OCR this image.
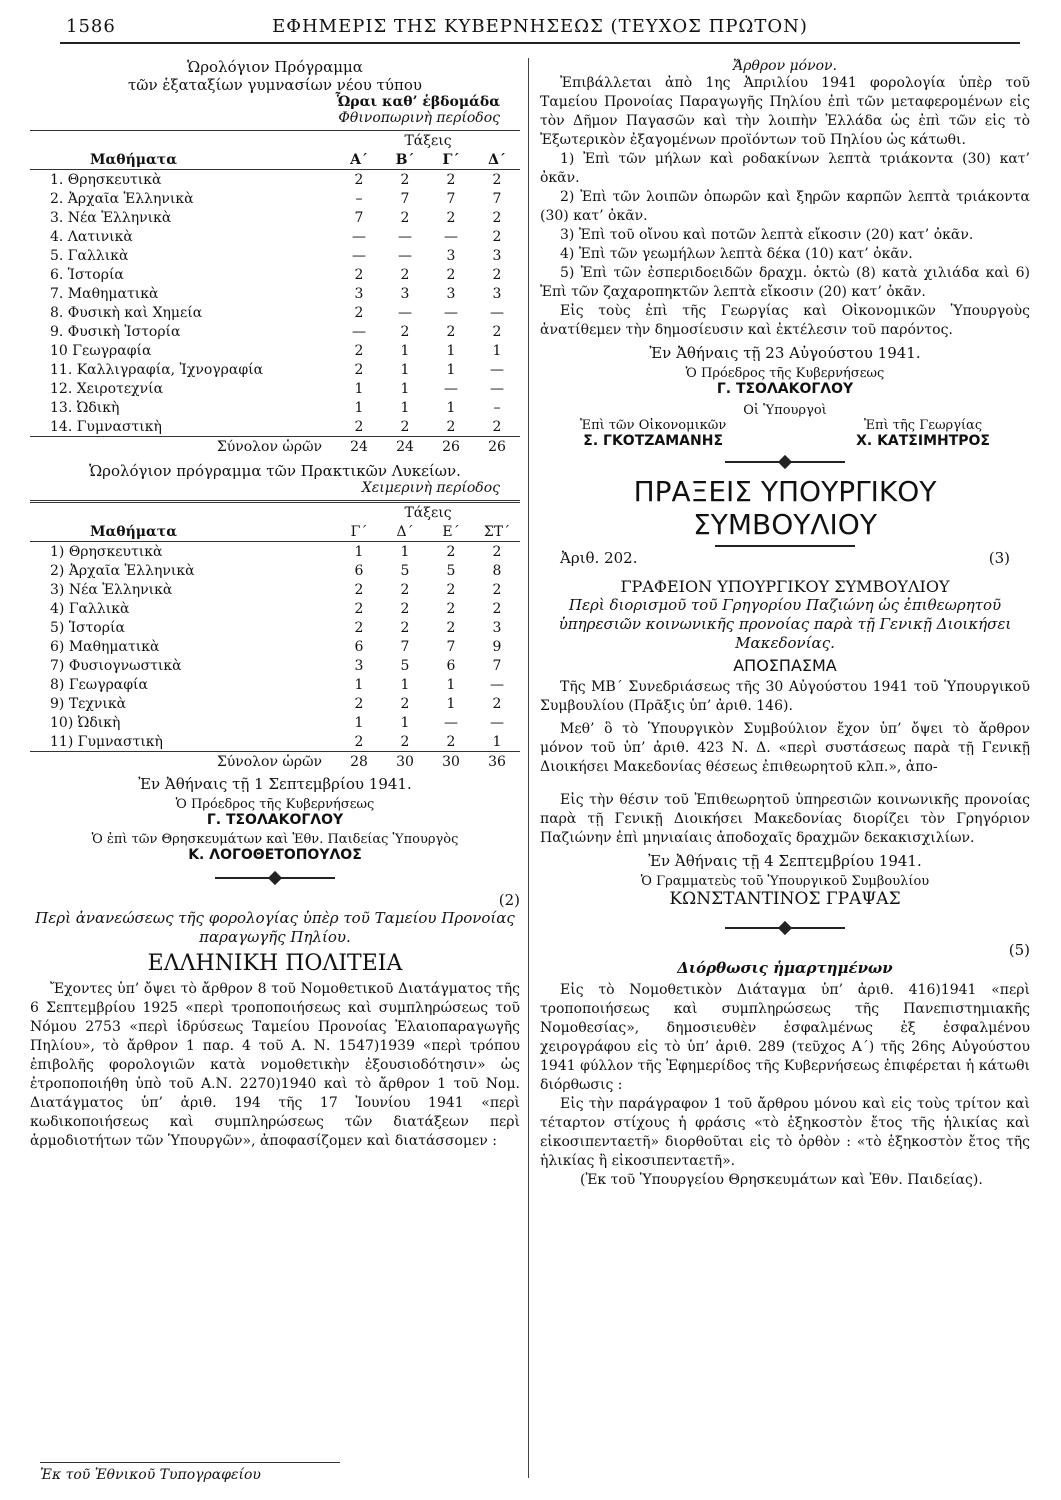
1586	ΕΦΗΜΕΡΙΣ ΤΗΣ ΚΥΒΕΡΝΗΣΕΩΣ (ΤΕΥΧΟΣ ΠΡΩΤΟΝ)
Ὡρολόγιον Πρόγραμμα
τῶν ἑξαταξίων γυμνασίων νέου τύπου
Ὧραι καθ’ ἑβδομάδα
Φθινοπωρινὴ περίοδος
	Τάξεις			
Μαθήματα	Α΄	Β΄	Γ΄	Δ΄
1. Θρησκευτικὰ	2	2	2	2
2. Ἀρχαῖα Ἑλληνικὰ	–	7	7	7
3. Νέα Ἑλληνικὰ	7	2	2	2
4. Λατινικὰ	—	—	—	2
5. Γαλλικὰ	—	—	3	3
6. Ἱστορία	2	2	2	2
7. Μαθηματικὰ	3	3	3	3
8. Φυσικὴ καὶ Χημεία	2	—	—	—
9. Φυσικὴ Ἱστορία	—	2	2	2
10 Γεωγραφία	2	1	1	1
11. Καλλιγραφία, Ἰχνογραφία	2	1	1	—
12. Χειροτεχνία	1	1	—	—
13. Ὠδικὴ	1	1	1	–
14. Γυμναστικὴ	2	2	2	2
Σύνολον ὡρῶν	24	24	26	26
Ὡρολόγιον πρόγραμμα τῶν Πρακτικῶν Λυκείων.
Χειμερινὴ περίοδος
	Τάξεις			
Μαθήματα	Γ΄	Δ΄	Ε΄	ΣΤ΄
1) Θρησκευτικὰ	1	1	2	2
2) Ἀρχαῖα Ἑλληνικὰ	6	5	5	8
3) Νέα Ἑλληνικὰ	2	2	2	2
4) Γαλλικὰ	2	2	2	2
5) Ἱστορία	2	2	2	3
6) Μαθηματικὰ	6	7	7	9
7) Φυσιογνωστικὰ	3	5	6	7
8) Γεωγραφία	1	1	1	—
9) Τεχνικὰ	2	2	1	2
10) Ὠδικὴ	1	1	—	—
11) Γυμναστικὴ	2	2	2	1
Σύνολον ὡρῶν	28	30	30	36
Ἐν Ἀθήναις τῇ 1 Σεπτεμβρίου 1941.
Ὁ Πρόεδρος τῆς Κυβερνήσεως
Γ. ΤΣΟΛΑΚΟΓΛΟΥ
Ὁ ἐπὶ τῶν Θρησκευμάτων καὶ Ἐθν. Παιδείας Ὑπουργὸς
Κ. ΛΟΓΟΘΕΤΟΠΟΥΛΟΣ
(2)
Περὶ ἀνανεώσεως τῆς φορολογίας ὑπὲρ τοῦ Ταμείου Προνοίας παραγωγῆς Πηλίου.
ΕΛΛΗΝΙΚΗ ΠΟΛΙΤΕΙΑ
Ἔχοντες ὑπ’ ὄψει τὸ ἄρθρον 8 τοῦ Νομοθετικοῦ Διατάγματος τῆς 6 Σεπτεμβρίου 1925 «περὶ τροποποιήσεως καὶ συμπληρώσεως τοῦ Νόμου 2753 «περὶ ἱδρύσεως Ταμείου Προνοίας Ἐλαιοπαραγωγῆς Πηλίου», τὸ ἄρθρον 1 παρ. 4 τοῦ Α. Ν. 1547)1939 «περὶ τρόπου ἐπιβολῆς φορολογιῶν κατὰ νομοθετικὴν ἐξουσιοδότησιν» ὡς ἐτροποποιήθη ὑπὸ τοῦ Α.Ν. 2270)1940 καὶ τὸ ἄρθρον 1 τοῦ Νομ. Διατάγματος ὑπ’ ἀριθ. 194 τῆς 17 Ἰουνίου 1941 «περὶ κωδικοποιήσεως καὶ συμπληρώσεως τῶν διατάξεων περὶ ἁρμοδιοτήτων τῶν Ὑπουργῶν», ἀποφασίζομεν καὶ διατάσσομεν :
Ἐκ τοῦ Ἐθνικοῦ Τυπογραφείου
Ἄρθρον μόνον.
Ἐπιβάλλεται ἀπὸ 1ης Ἀπριλίου 1941 φορολογία ὑπὲρ τοῦ Ταμείου Προνοίας Παραγωγῆς Πηλίου ἐπὶ τῶν μεταφερομένων εἰς τὸν Δῆμον Παγασῶν καὶ τὴν λοιπὴν Ἑλλάδα ὡς ἐπὶ τῶν εἰς τὸ Ἐξωτερικὸν ἐξαγομένων προϊόντων τοῦ Πηλίου ὡς κάτωθι.
1) Ἐπὶ τῶν μήλων καὶ ροδακίνων λεπτὰ τριάκοντα (30) κατ’ ὀκᾶν.
2) Ἐπὶ τῶν λοιπῶν ὀπωρῶν καὶ ξηρῶν καρπῶν λεπτὰ τριάκοντα (30) κατ’ ὀκᾶν.
3) Ἐπὶ τοῦ οἴνου καὶ ποτῶν λεπτὰ εἴκοσιν (20) κατ’ ὀκᾶν.
4) Ἐπὶ τῶν γεωμήλων λεπτὰ δέκα (10) κατ’ ὀκᾶν.
5) Ἐπὶ τῶν ἐσπεριδοειδῶν δραχμ. ὀκτὼ (8) κατὰ χιλιάδα καὶ 6) Ἐπὶ τῶν ζαχαροπηκτῶν λεπτὰ εἴκοσιν (20) κατ’ ὀκᾶν.
Εἰς τοὺς ἐπὶ τῆς Γεωργίας καὶ Οἰκονομικῶν Ὑπουργοὺς ἀνατίθεμεν τὴν δημοσίευσιν καὶ ἐκτέλεσιν τοῦ παρόντος.
Ἐν Ἀθήναις τῇ 23 Αὐγούστου 1941.
Ὁ Πρόεδρος τῆς Κυβερνήσεως
Γ. ΤΣΟΛΑΚΟΓΛΟΥ
Οἱ Ὑπουργοὶ
Ἐπὶ τῶν Οἰκονομικῶν
Σ. ΓΚΟΤΖΑΜΑΝΗΣ
Ἐπὶ τῆς Γεωργίας
Χ. ΚΑΤΣΙΜΗΤΡΟΣ
ΠΡΑΞΕΙΣ ΥΠΟΥΡΓΙΚΟΥ ΣΥΜΒΟΥΛΙΟΥ
Ἀριθ. 202.	(3)
ΓΡΑΦΕΙΟΝ ΥΠΟΥΡΓΙΚΟΥ ΣΥΜΒΟΥΛΙΟΥ
Περὶ διορισμοῦ τοῦ Γρηγορίου Παζιώνη ὡς ἐπιθεωρητοῦ ὑπηρεσιῶν κοινωνικῆς προνοίας παρὰ τῇ Γενικῇ Διοικήσει Μακεδονίας.
ΑΠΟΣΠΑΣΜΑ
Τῆς ΜΒ΄ Συνεδριάσεως τῆς 30 Αὐγούστου 1941 τοῦ Ὑπουργικοῦ Συμβουλίου (Πρᾶξις ὑπ’ ἀριθ. 146).
Μεθ’ ὃ τὸ Ὑπουργικὸν Συμβούλιον ἔχον ὑπ’ ὄψει τὸ ἄρθρον μόνον τοῦ ὑπ’ ἀριθ. 423 Ν. Δ. «περὶ συστάσεως παρὰ τῇ Γενικῇ Διοικήσει Μακεδονίας θέσεως ἐπιθεωρητοῦ κλπ.», ἀπο-
Εἰς τὴν θέσιν τοῦ Ἐπιθεωρητοῦ ὑπηρεσιῶν κοινωνικῆς προνοίας παρὰ τῇ Γενικῇ Διοικήσει Μακεδονίας διορίζει τὸν Γρηγόριον Παζιώνην ἐπὶ μηνιαίαις ἀποδοχαῖς δραχμῶν δεκακισχιλίων.
Ἐν Ἀθήναις τῇ 4 Σεπτεμβρίου 1941.
Ὁ Γραμματεὺς τοῦ Ὑπουργικοῦ Συμβουλίου
ΚΩΝΣΤΑΝΤΙΝΟΣ ΓΡΑΨΑΣ
(5)
Διόρθωσις ἡμαρτημένων
Εἰς τὸ Νομοθετικὸν Διάταγμα ὑπ’ ἀριθ. 416)1941 «περὶ τροποποιήσεως καὶ συμπληρώσεως τῆς Πανεπιστημιακῆς Νομοθεσίας», δημοσιευθὲν ἐσφαλμένως ἐξ ἐσφαλμένου χειρογράφου εἰς τὸ ὑπ’ ἀριθ. 289 (τεῦχος Α΄) τῆς 26ης Αὐγούστου 1941 φύλλον τῆς Ἐφημερίδος τῆς Κυβερνήσεως ἐπιφέρεται ἡ κάτωθι διόρθωσις :
Εἰς τὴν παράγραφον 1 τοῦ ἄρθρου μόνου καὶ εἰς τοὺς τρίτον καὶ τέταρτον στίχους ἡ φράσις «τὸ ἑξηκοστὸν ἔτος τῆς ἡλικίας καὶ εἰκοσιπενταετῆ» διορθοῦται εἰς τὸ ὀρθὸν : «τὸ ἑξηκοστὸν ἔτος τῆς ἡλικίας ἢ εἰκοσιπενταετῆ».
(Ἐκ τοῦ Ὑπουργείου Θρησκευμάτων καὶ Ἐθν. Παιδείας).
